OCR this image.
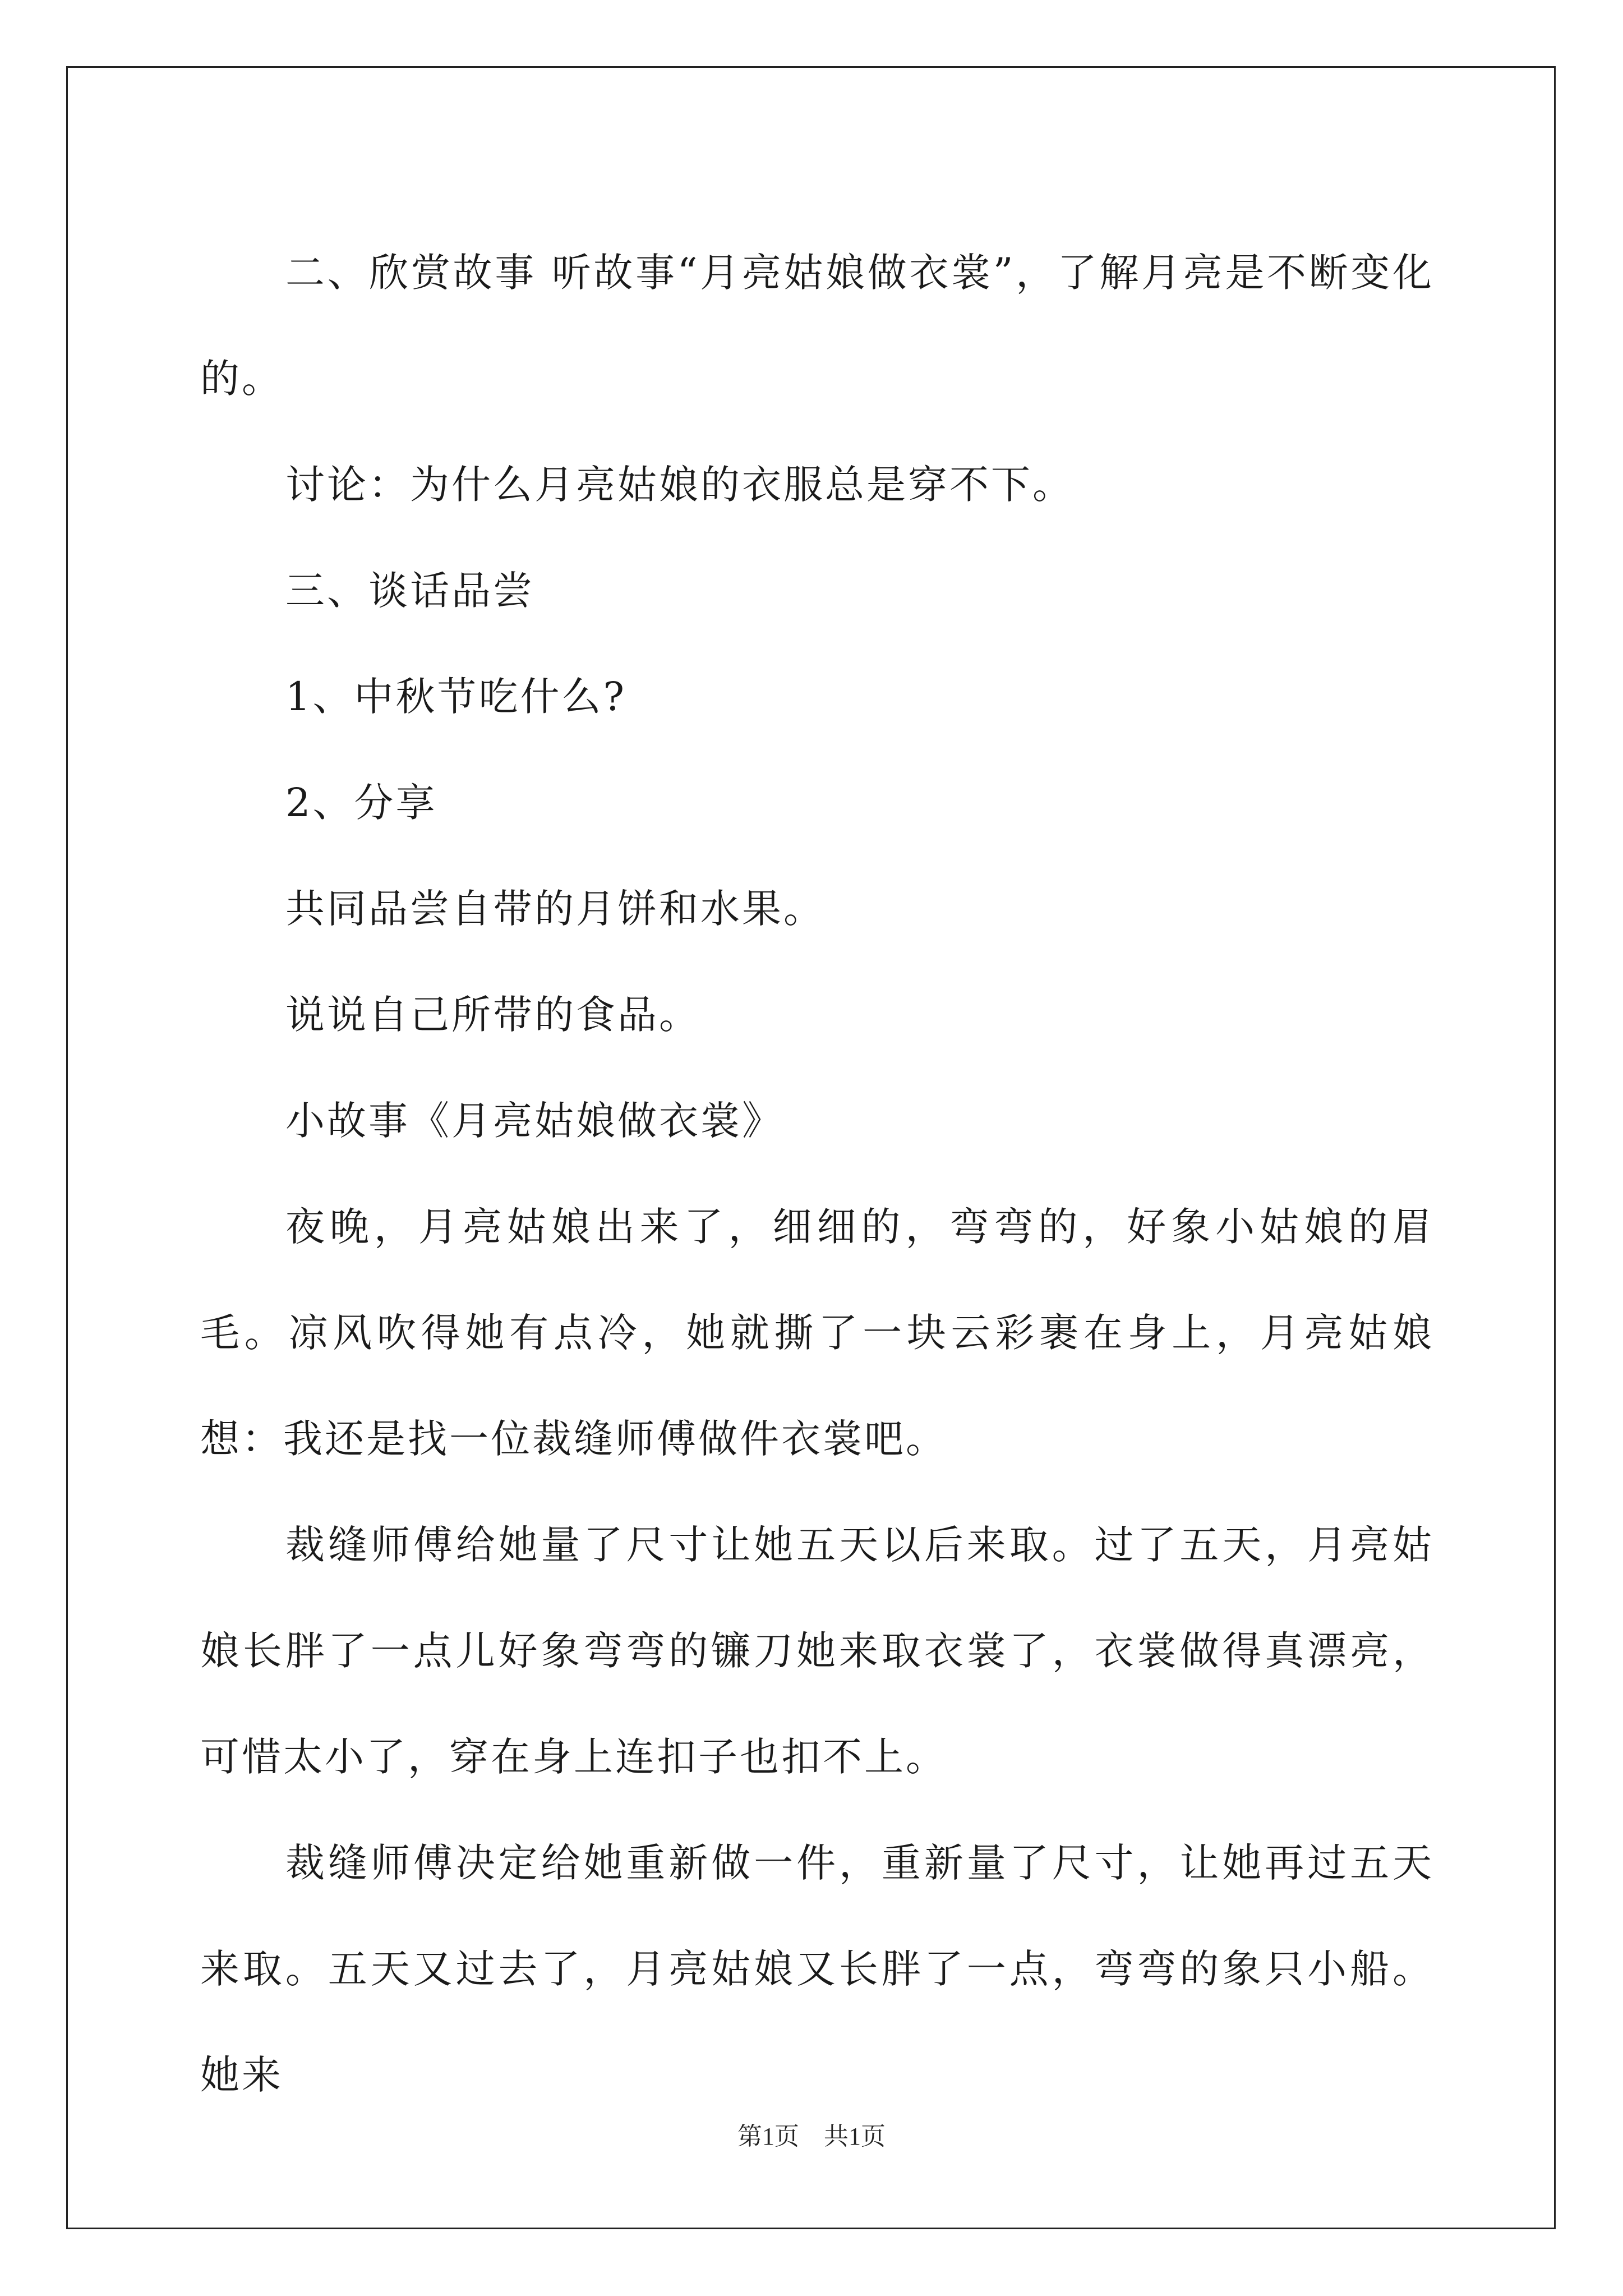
二、欣赏故事 听故事“月亮姑娘做衣裳”，了解月亮是不断变化的。

讨论：为什么月亮姑娘的衣服总是穿不下。

三、谈话品尝

1、中秋节吃什么?

2、分享

共同品尝自带的月饼和水果。

说说自己所带的食品。

小故事《月亮姑娘做衣裳》

夜晚，月亮姑娘出来了，细细的，弯弯的，好象小姑娘的眉毛。凉风吹得她有点冷，她就撕了一块云彩裹在身上，月亮姑娘想：我还是找一位裁缝师傅做件衣裳吧。

裁缝师傅给她量了尺寸让她五天以后来取。过了五天，月亮姑娘长胖了一点儿好象弯弯的镰刀她来取衣裳了，衣裳做得真漂亮，可惜太小了，穿在身上连扣子也扣不上。

裁缝师傅决定给她重新做一件，重新量了尺寸，让她再过五天来取。五天又过去了，月亮姑娘又长胖了一点，弯弯的象只小船。她来

第1页　共1页
